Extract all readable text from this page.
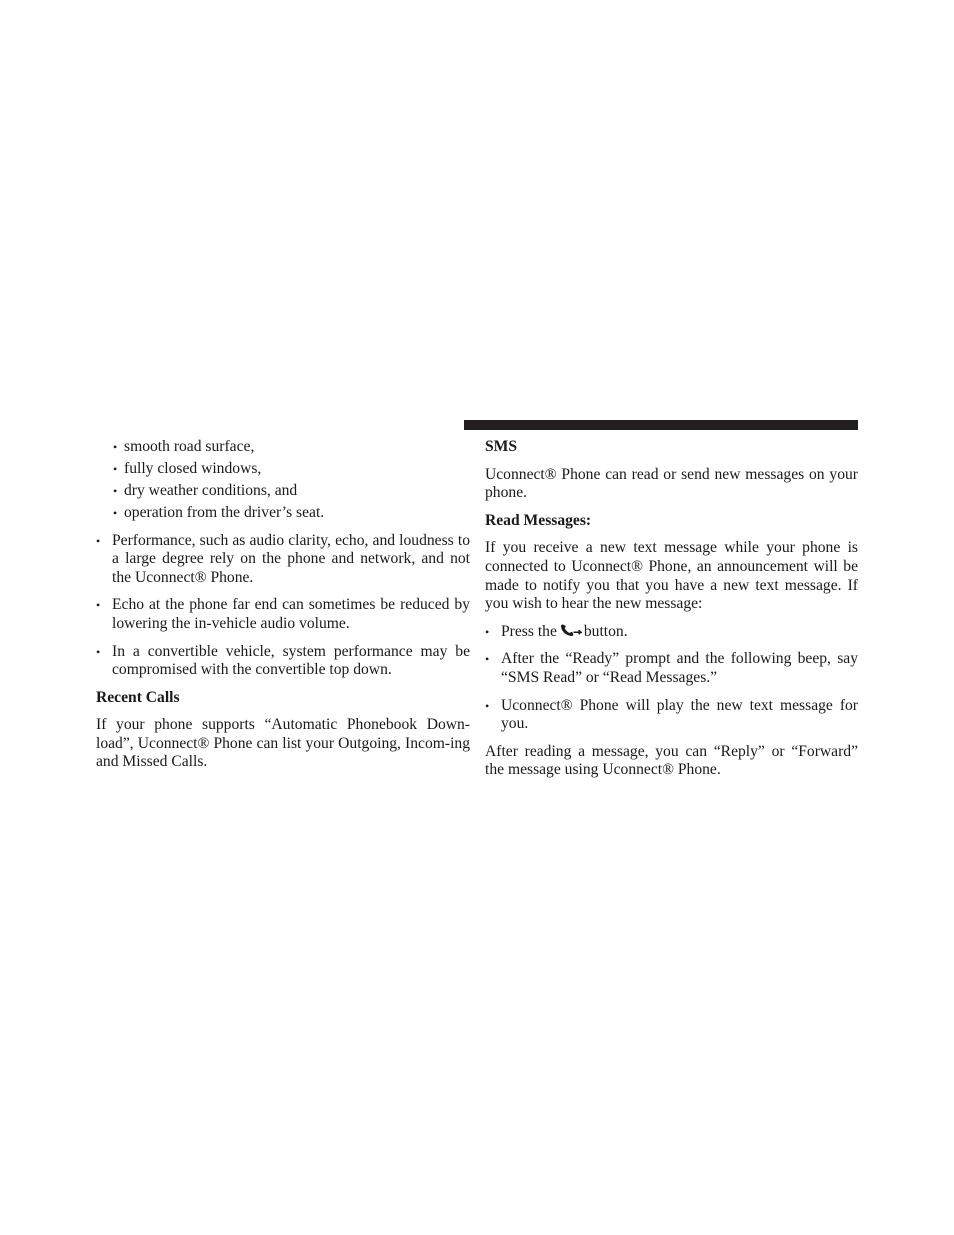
• smooth road surface,
• fully closed windows,
• dry weather conditions, and
• operation from the driver’s seat.
• Performance, such as audio clarity, echo, and loudness to a large degree rely on the phone and network, and not the Uconnect® Phone.

• Echo at the phone far end can sometimes be reduced by lowering the in-vehicle audio volume.

• In a convertible vehicle, system performance may be compromised with the convertible top down.

Recent Calls

If your phone supports “Automatic Phonebook Down-load”, Uconnect® Phone can list your Outgoing, Incom-ing and Missed Calls.

SMS

Uconnect® Phone can read or send new messages on your phone.

Read Messages:

If you receive a new text message while your phone is connected to Uconnect® Phone, an announcement will be made to notify you that you have a new text message. If you wish to hear the new message:

• Press the button.

• After the “Ready” prompt and the following beep, say “SMS Read” or “Read Messages.”

• Uconnect® Phone will play the new text message for you.

After reading a message, you can “Reply” or “Forward” the message using Uconnect® Phone.
